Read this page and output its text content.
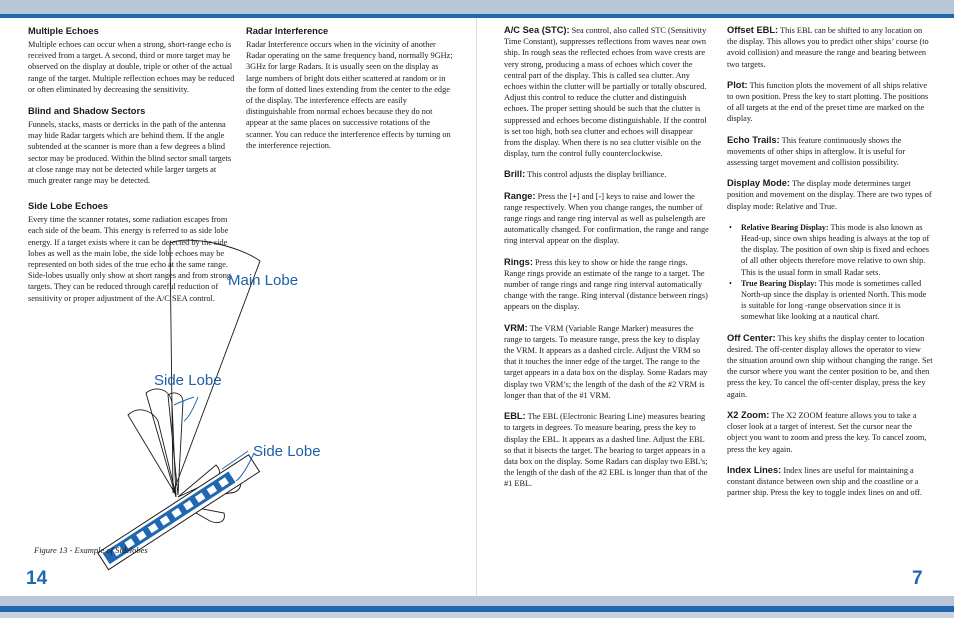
Multiple Echoes

Multiple echoes can occur when a strong, short-range echo is received from a target. A second, third or more target may be observed on the display at double, triple or other of the actual range of the target. Multiple reflection echoes may be reduced or often eliminated by decreasing the sensitivity.

Blind and Shadow Sectors

Funnels, stacks, masts or derricks in the path of the antenna may hide Radar targets which are behind them. If the angle subtended at the scanner is more than a few degrees a blind sector may be produced. Within the blind sector small targets at close range may not be detected while larger targets at much greater range may be detected.

Side Lobe Echoes

Every time the scanner rotates, some radiation escapes from each side of the beam. This energy is referred to as side lobe energy. If a target exists where it can be detected by the side lobes as well as the main lobe, the side lobe echoes may be represented on both sides of the true echo at the same range. Side-lobes usually only show at short ranges and from strong targets. They can be reduced through careful reduction of sensitivity or proper adjustment of the A/C SEA control.

Radar Interference

Radar Interference occurs when in the vicinity of another Radar operating on the same frequency band, normally 9GHz; 3GHz for large Radars. It is usually seen on the display as large numbers of bright dots either scattered at random or in the form of dotted lines extending from the center to the edge of the display. The interference effects are easily distinguishable from normal echoes because they do not appear at the same places on successive rotations of the scanner. You can reduce the interference effects by turning on the interference rejection.

Main Lobe
Side Lobe
Side Lobe
Figure 13 - Example of Sidelobes
14

A/C Sea (STC): Sea control, also called STC (Sensitivity Time Constant), suppresses reflections from waves near own ship. In rough seas the reflected echoes from wave crests are very strong, producing a mass of echoes which cover the central part of the display. This is called sea clutter. Any echoes within the clutter will be partially or totally obscured. Adjust this control to reduce the clutter and distinguish echoes. The proper setting should be such that the clutter is suppressed and echoes become distinguishable. If the control is set too high, both sea clutter and echoes will disappear from the display. When there is no sea clutter visible on the display, turn the control fully counterclockwise.

Brill: This control adjusts the display brilliance.

Range: Press the [+] and [-] keys to raise and lower the range respectively. When you change ranges, the number of range rings and range ring interval as well as pulselength are automatically changed. For confirmation, the range and range ring interval appear on the display.

Rings: Press this key to show or hide the range rings. Range rings provide an estimate of the range to a target. The number of range rings and range ring interval automatically change with the range. Ring interval (distance between rings) appears on the display.

VRM: The VRM (Variable Range Marker) measures the range to targets. To measure range, press the key to display the VRM. It appears as a dashed circle. Adjust the VRM so that it touches the inner edge of the target. The range to the target appears in a data box on the display. Some Radars may display two VRM’s; the length of the dash of the #2 VRM is longer than that of the #1 VRM.

EBL: The EBL (Electronic Bearing Line) measures bearing to targets in degrees. To measure bearing, press the key to display the EBL. It appears as a dashed line. Adjust the EBL so that it bisects the target. The bearing to target appears in a data box on the display. Some Radars can display two EBL’s; the length of the dash of the #2 EBL is longer than that of the #1 EBL.

Offset EBL: This EBL can be shifted to any location on the display. This allows you to predict other ships’ course (to avoid collision) and measure the range and bearing between two targets.

Plot: This function plots the movement of all ships relative to own position. Press the key to start plotting. The positions of all targets at the end of the preset time are marked on the display.

Echo Trails: This feature continuously shows the movements of other ships in afterglow. It is useful for assessing target movement and collision possibility.

Display Mode: The display mode determines target position and movement on the display. There are two types of display mode: Relative and True.

• Relative Bearing Display: This mode is also known as Head-up, since own ships heading is always at the top of the display. The position of own ship is fixed and echoes of all other objects therefore move relative to own ship. This is the usual form in small Radar sets.
• True Bearing Display: This mode is sometimes called North-up since the display is oriented North. This mode is suitable for long -range observation since it is somewhat like looking at a nautical chart.

Off Center: This key shifts the display center to location desired. The off-center display allows the operator to view the situation around own ship without changing the range. Set the cursor where you want the center position to be, and then press the key. To cancel the off-center display, press the key again.

X2 Zoom: The X2 ZOOM feature allows you to take a closer look at a target of interest. Set the cursor near the object you want to zoom and press the key. To cancel zoom, press the key again.

Index Lines: Index lines are useful for maintaining a constant distance between own ship and the coastline or a partner ship. Press the key to toggle index lines on and off.

7
